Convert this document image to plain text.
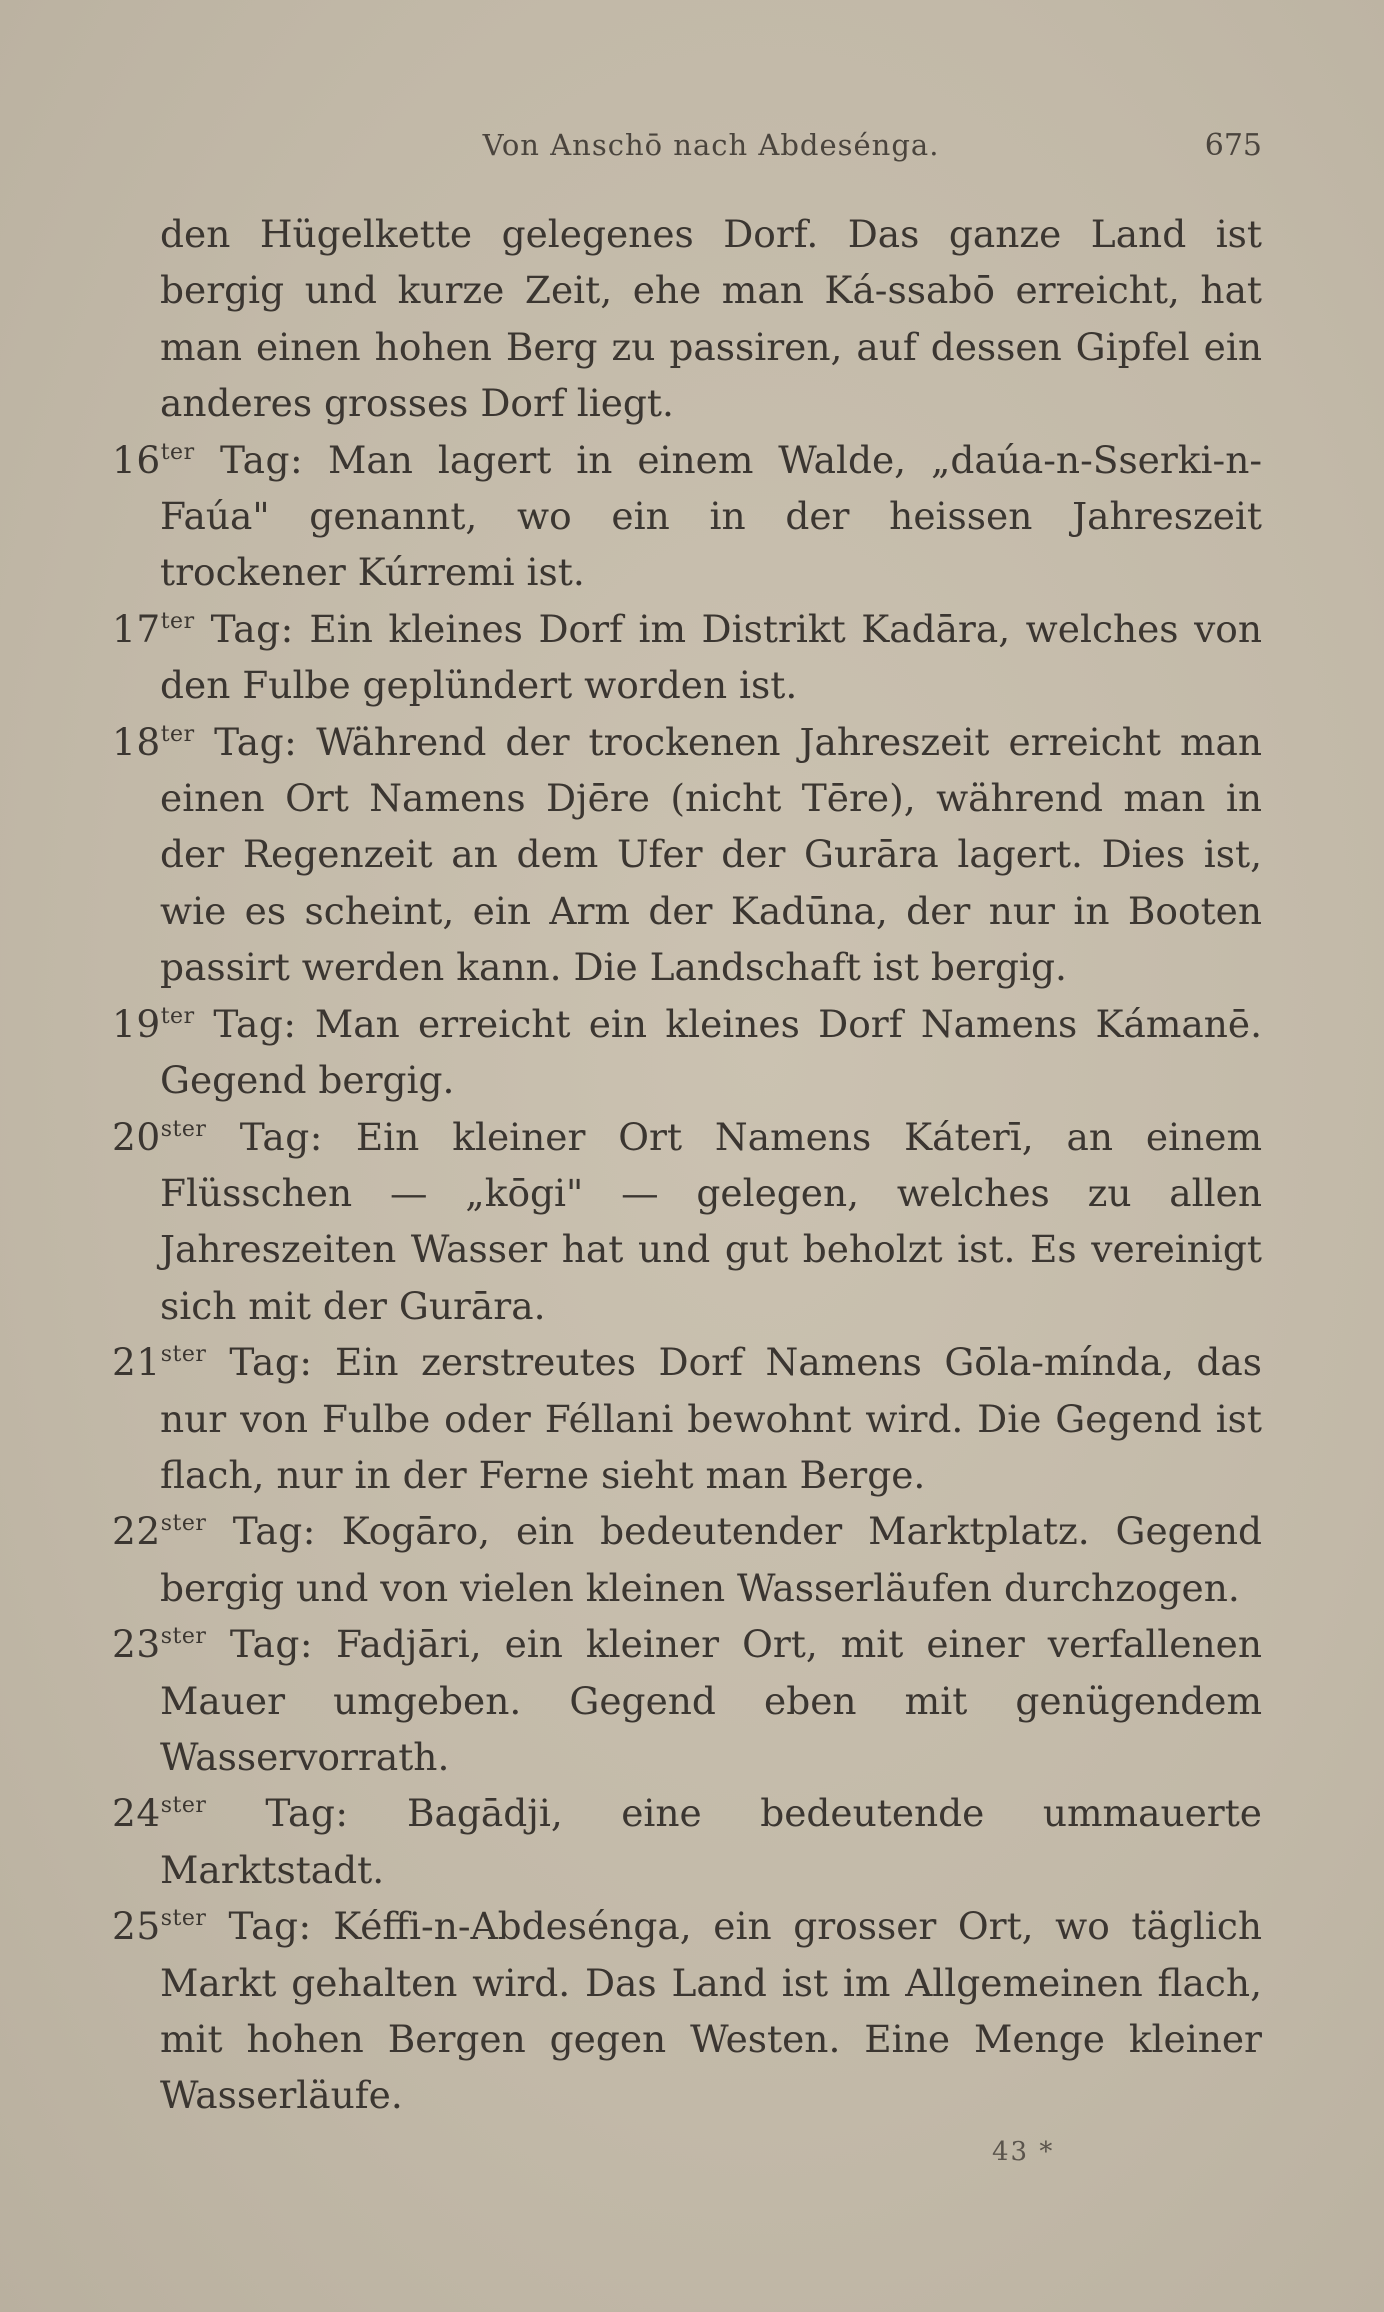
Von Anschō nach Abdesénga.	675

den Hügelkette gelegenes Dorf. Das ganze Land ist bergig und kurze Zeit, ehe man Ká-ssabō erreicht, hat man einen hohen Berg zu passiren, auf dessen Gipfel ein anderes grosses Dorf liegt.

$16^{ter}$ Tag: Man lagert in einem Walde, „daúa-n-Sserki-n-Faúa" genannt, wo ein in der heissen Jahreszeit trockener Kúrremi ist.

$17^{ter}$ Tag: Ein kleines Dorf im Distrikt Kadāra, welches von den Fulbe geplündert worden ist.

$18^{ter}$ Tag: Während der trockenen Jahreszeit erreicht man einen Ort Namens Djēre (nicht Tēre), während man in der Regenzeit an dem Ufer der Gurāra lagert. Dies ist, wie es scheint, ein Arm der Kadūna, der nur in Booten passirt werden kann. Die Landschaft ist bergig.

$19^{ter}$ Tag: Man erreicht ein kleines Dorf Namens Kámanē. Gegend bergig.

$20^{ster}$ Tag: Ein kleiner Ort Namens Káterī, an einem Flüsschen — „kōgi" — gelegen, welches zu allen Jahreszeiten Wasser hat und gut beholzt ist. Es vereinigt sich mit der Gurāra.

$21^{ster}$ Tag: Ein zerstreutes Dorf Namens Gōla-mínda, das nur von Fulbe oder Féllani bewohnt wird. Die Gegend ist flach, nur in der Ferne sieht man Berge.

$22^{ster}$ Tag: Kogāro, ein bedeutender Marktplatz. Gegend bergig und von vielen kleinen Wasserläufen durchzogen.

$23^{ster}$ Tag: Fadjāri, ein kleiner Ort, mit einer verfallenen Mauer umgeben. Gegend eben mit genügendem Wasservorrath.

$24^{ster}$ Tag: Bagādji, eine bedeutende ummauerte Marktstadt.

$25^{ster}$ Tag: Kéffi-n-Abdesénga, ein grosser Ort, wo täglich Markt gehalten wird. Das Land ist im Allgemeinen flach, mit hohen Bergen gegen Westen. Eine Menge kleiner Wasserläufe.

43 *
